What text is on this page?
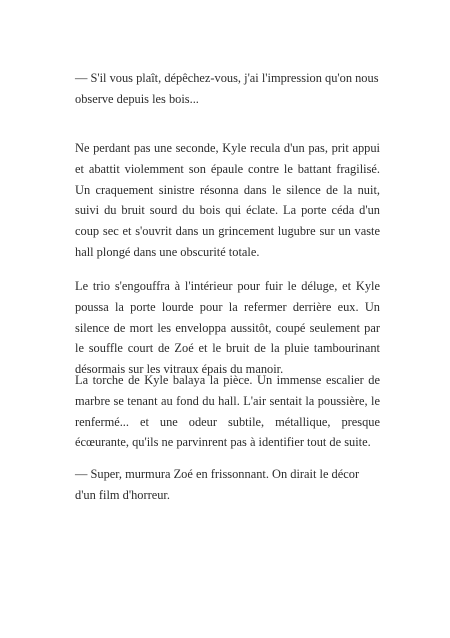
— S'il vous plaît, dépêchez-vous, j'ai l'impression qu'on nous observe depuis les bois...

Ne perdant pas une seconde, Kyle recula d'un pas, prit appui et abattit violemment son épaule contre le battant fragilisé. Un craquement sinistre résonna dans le silence de la nuit, suivi du bruit sourd du bois qui éclate. La porte céda d'un coup sec et s'ouvrit dans un grincement lugubre sur un vaste hall plongé dans une obscurité totale.

Le trio s'engouffra à l'intérieur pour fuir le déluge, et Kyle poussa la porte lourde pour la refermer derrière eux. Un silence de mort les enveloppa aussitôt, coupé seulement par le souffle court de Zoé et le bruit de la pluie tambourinant désormais sur les vitraux épais du manoir.

La torche de Kyle balaya la pièce. Un immense escalier de marbre se tenant au fond du hall. L'air sentait la poussière, le renfermé... et une odeur subtile, métallique, presque écœurante, qu'ils ne parvinrent pas à identifier tout de suite.

— Super, murmura Zoé en frissonnant. On dirait le décor d'un film d'horreur.
